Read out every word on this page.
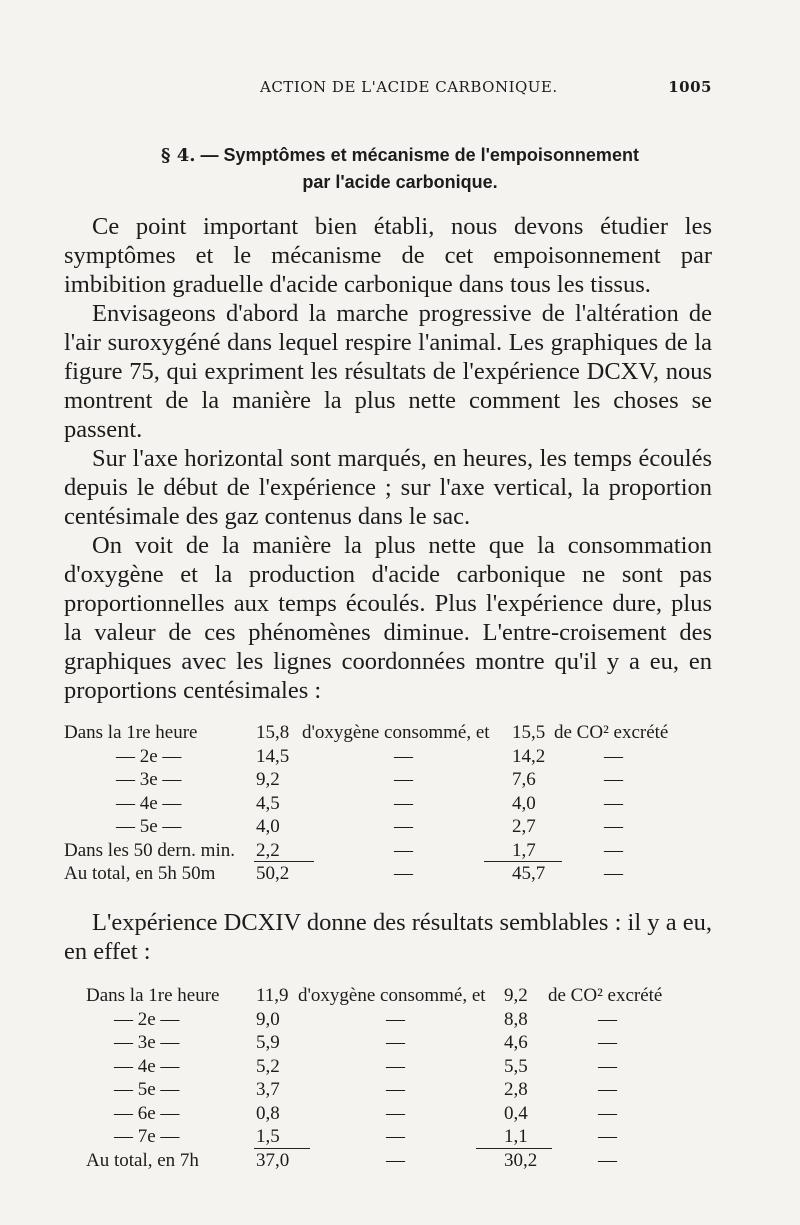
ACTION DE L'ACIDE CARBONIQUE.	1005
§ 4. — Symptômes et mécanisme de l'empoisonnement
par l'acide carbonique.

Ce point important bien établi, nous devons étudier les symptômes et le mécanisme de cet empoisonnement par imbibition graduelle d'acide carbonique dans tous les tissus.

Envisageons d'abord la marche progressive de l'altération de l'air suroxygéné dans lequel respire l'animal. Les graphiques de la figure 75, qui expriment les résultats de l'expérience DCXV, nous montrent de la manière la plus nette comment les choses se passent.

Sur l'axe horizontal sont marqués, en heures, les temps écoulés depuis le début de l'expérience ; sur l'axe vertical, la proportion centésimale des gaz contenus dans le sac.

On voit de la manière la plus nette que la consommation d'oxygène et la production d'acide carbonique ne sont pas proportionnelles aux temps écoulés. Plus l'expérience dure, plus la valeur de ces phénomènes diminue. L'entre-croisement des graphiques avec les lignes coordonnées montre qu'il y a eu, en proportions centésimales :

Dans la 1re heure	15,8 d'oxygène consommé, et 15,5 de CO² excrété
— 2e —	14,5	—	14,2	—
— 3e —	9,2	—	7,6	—
— 4e —	4,5	—	4,0	—
— 5e —	4,0	—	2,7	—
Dans les 50 dern. min. 2,2	—	1,7	—
Au total, en 5h 50m 50,2	—	45,7	—

L'expérience DCXIV donne des résultats semblables : il y a eu, en effet :

Dans la 1re heure 11,9 d'oxygène consommé, et 9,2 de CO² excrété
— 2e —	9,0	—	8,8	—
— 3e —	5,9	—	4,6	—
— 4e —	5,2	—	5,5	—
— 5e —	3,7	—	2,8	—
— 6e —	0,8	—	0,4	—
— 7e —	1,5	—	1,1	—
Au total, en 7h	37,0	—	30,2	—
